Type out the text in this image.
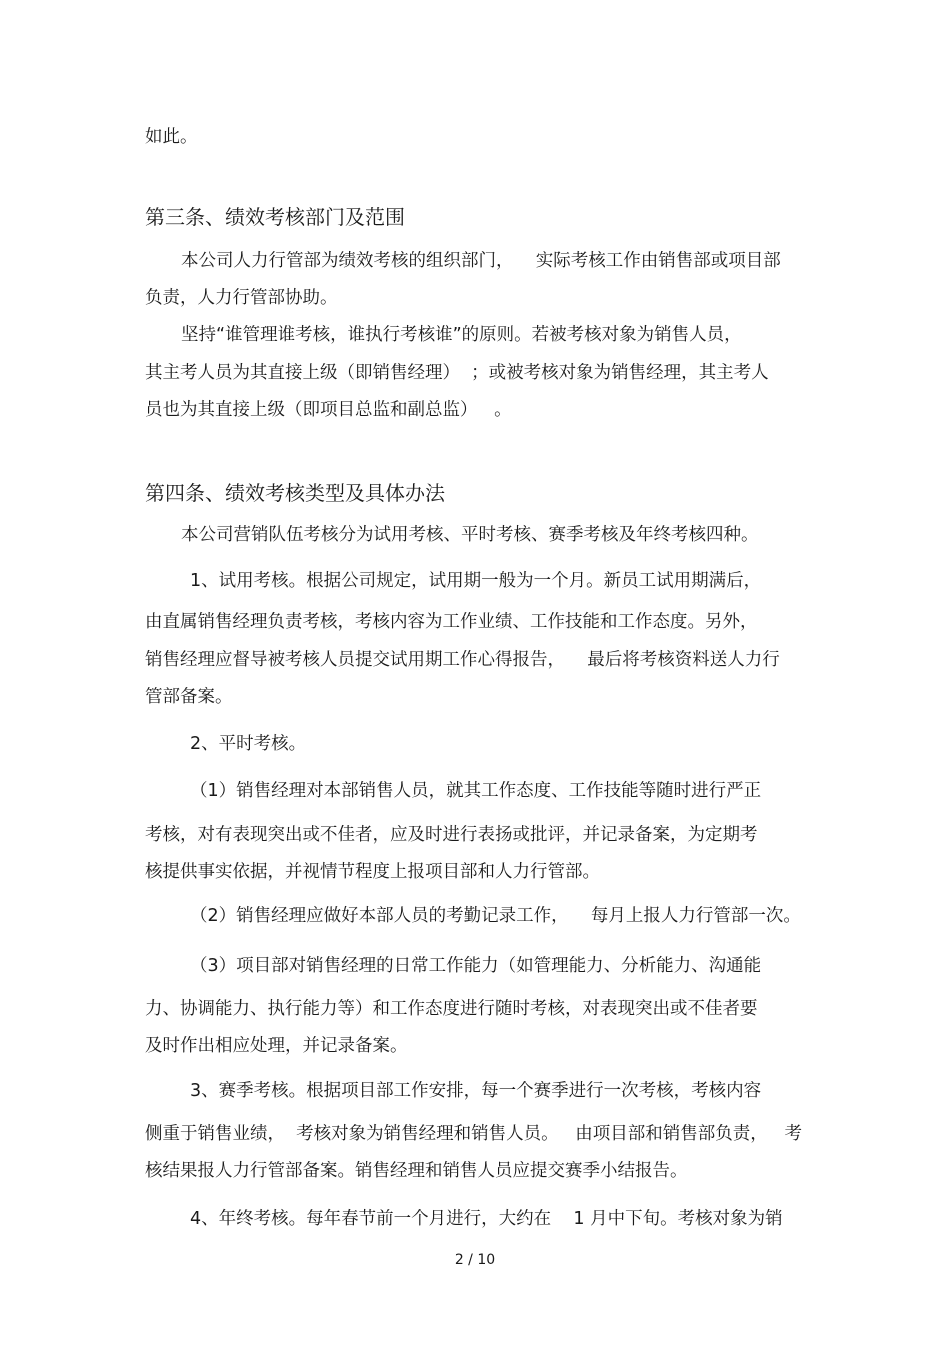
如此。
第三条、绩效考核部门及范围
本公司人力行管部为绩效考核的组织部门，    实际考核工作由销售部或项目部
负责，人力行管部协助。
坚持“谁管理谁考核，谁执行考核谁”的原则。若被考核对象为销售人员，
其主考人员为其直接上级（即销售经理）  ；或被考核对象为销售经理，其主考人
员也为其直接上级（即项目总监和副总监）   。
第四条、绩效考核类型及具体办法
本公司营销队伍考核分为试用考核、平时考核、赛季考核及年终考核四种。
1、试用考核。根据公司规定，试用期一般为一个月。新员工试用期满后，
由直属销售经理负责考核，考核内容为工作业绩、工作技能和工作态度。另外，
销售经理应督导被考核人员提交试用期工作心得报告，    最后将考核资料送人力行
管部备案。
2、平时考核。
（1）销售经理对本部销售人员，就其工作态度、工作技能等随时进行严正
考核，对有表现突出或不佳者，应及时进行表扬或批评，并记录备案，为定期考
核提供事实依据，并视情节程度上报项目部和人力行管部。
（2）销售经理应做好本部人员的考勤记录工作，    每月上报人力行管部一次。
（3）项目部对销售经理的日常工作能力（如管理能力、分析能力、沟通能
力、协调能力、执行能力等）和工作态度进行随时考核，对表现突出或不佳者要
及时作出相应处理，并记录备案。
3、赛季考核。根据项目部工作安排，每一个赛季进行一次考核，考核内容
侧重于销售业绩，  考核对象为销售经理和销售人员。   由项目部和销售部负责，   考
核结果报人力行管部备案。销售经理和销售人员应提交赛季小结报告。
4、年终考核。每年春节前一个月进行，大约在    1 月中下旬。考核对象为销
2 / 10
